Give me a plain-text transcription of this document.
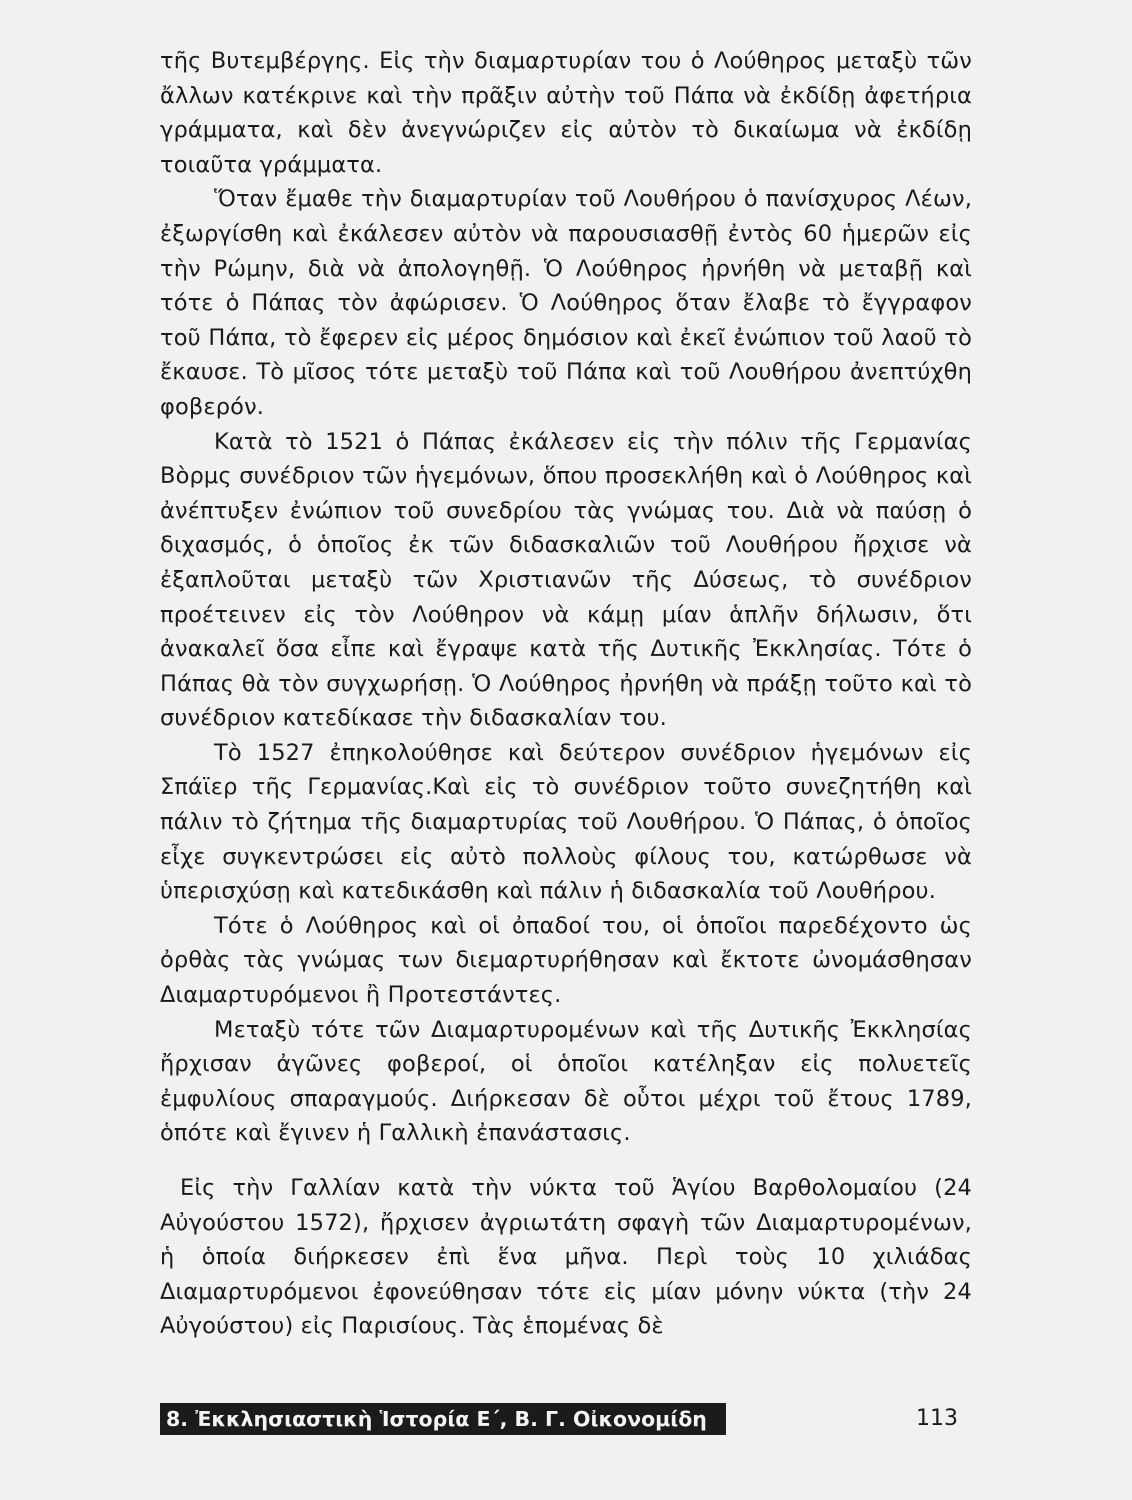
τῆς Βυτεμβέργης. Εἰς τὴν διαμαρτυρίαν του ὁ Λούθηρος μεταξὺ τῶν ἄλλων κατέκρινε καὶ τὴν πρᾶξιν αὐτὴν τοῦ Πάπα νὰ ἐκδίδῃ ἀφετήρια γράμματα, καὶ δὲν ἀνεγνώριζεν εἰς αὐτὸν τὸ δικαίωμα νὰ ἐκδίδῃ τοιαῦτα γράμματα.

Ὅταν ἔμαθε τὴν διαμαρτυρίαν τοῦ Λουθήρου ὁ πανίσχυρος Λέων, ἐξωργίσθη καὶ ἐκάλεσεν αὐτὸν νὰ παρουσιασθῇ ἐντὸς 60 ἡμερῶν εἰς τὴν Ρώμην, διὰ νὰ ἀπολογηθῇ. Ὁ Λούθηρος ἠρνήθη νὰ μεταβῇ καὶ τότε ὁ Πάπας τὸν ἀφώρισεν. Ὁ Λούθηρος ὅταν ἔλαβε τὸ ἔγγραφον τοῦ Πάπα, τὸ ἔφερεν εἰς μέρος δημόσιον καὶ ἐκεῖ ἐνώπιον τοῦ λαοῦ τὸ ἔκαυσε. Τὸ μῖσος τότε μεταξὺ τοῦ Πάπα καὶ τοῦ Λουθήρου ἀνεπτύχθη φοβερόν.

Κατὰ τὸ 1521 ὁ Πάπας ἐκάλεσεν εἰς τὴν πόλιν τῆς Γερμανίας Βὸρμς συνέδριον τῶν ἡγεμόνων, ὅπου προσεκλήθη καὶ ὁ Λούθηρος καὶ ἀνέπτυξεν ἐνώπιον τοῦ συνεδρίου τὰς γνώμας του. Διὰ νὰ παύσῃ ὁ διχασμός, ὁ ὁποῖος ἐκ τῶν διδασκαλιῶν τοῦ Λουθήρου ἤρχισε νὰ ἐξαπλοῦται μεταξὺ τῶν Χριστιανῶν τῆς Δύσεως, τὸ συνέδριον προέτεινεν εἰς τὸν Λούθηρον νὰ κάμῃ μίαν ἁπλῆν δήλωσιν, ὅτι ἀνακαλεῖ ὅσα εἶπε καὶ ἔγραψε κατὰ τῆς Δυτικῆς Ἐκκλησίας. Τότε ὁ Πάπας θὰ τὸν συγχωρήσῃ. Ὁ Λούθηρος ἠρνήθη νὰ πράξῃ τοῦτο καὶ τὸ συνέδριον κατεδίκασε τὴν διδασκαλίαν του.

Τὸ 1527 ἐπηκολούθησε καὶ δεύτερον συνέδριον ἡγεμόνων εἰς Σπάϊερ τῆς Γερμανίας.Καὶ εἰς τὸ συνέδριον τοῦτο συνεζητήθη καὶ πάλιν τὸ ζήτημα τῆς διαμαρτυρίας τοῦ Λουθήρου. Ὁ Πάπας, ὁ ὁποῖος εἶχε συγκεντρώσει εἰς αὐτὸ πολλοὺς φίλους του, κατώρθωσε νὰ ὑπερισχύσῃ καὶ κατεδικάσθη καὶ πάλιν ἡ διδασκαλία τοῦ Λουθήρου.

Τότε ὁ Λούθηρος καὶ οἱ ὀπαδοί του, οἱ ὁποῖοι παρεδέχοντο ὡς ὀρθὰς τὰς γνώμας των διεμαρτυρήθησαν καὶ ἔκτοτε ὠνομάσθησαν Διαμαρτυρόμενοι ἢ Προτεστάντες.

Μεταξὺ τότε τῶν Διαμαρτυρομένων καὶ τῆς Δυτικῆς Ἐκκλησίας ἤρχισαν ἀγῶνες φοβεροί, οἱ ὁποῖοι κατέληξαν εἰς πολυετεῖς ἐμφυλίους σπαραγμούς. Διήρκεσαν δὲ οὗτοι μέχρι τοῦ ἔτους 1789, ὁπότε καὶ ἔγινεν ἡ Γαλλικὴ ἐπανάστασις.

Εἰς τὴν Γαλλίαν κατὰ τὴν νύκτα τοῦ Ἁγίου Βαρθολομαίου (24 Αὐγούστου 1572), ἤρχισεν ἀγριωτάτη σφαγὴ τῶν Διαμαρτυρομένων, ἡ ὁποία διήρκεσεν ἐπὶ ἕνα μῆνα. Περὶ τοὺς 10 χιλιάδας Διαμαρτυρόμενοι ἐφονεύθησαν τότε εἰς μίαν μόνην νύκτα (τὴν 24 Αὐγούστου) εἰς Παρισίους. Τὰς ἑπομένας δὲ

8. Ἐκκλησιαστικὴ Ἱστορία Ε΄, Β. Γ. Οἰκονομίδη	113
